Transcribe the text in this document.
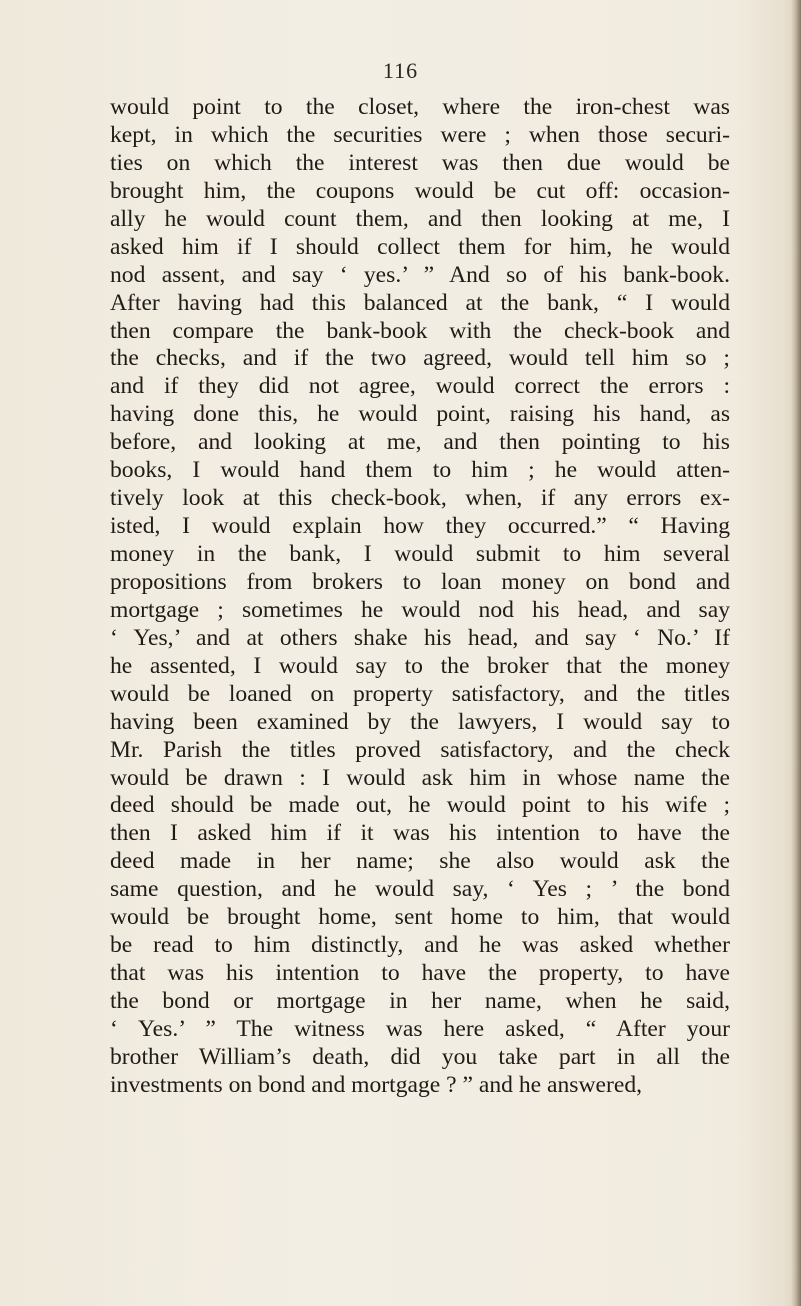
116
would point to the closet, where the iron-chest was
kept, in which the securities were ; when those securi-
ties on which the interest was then due would be
brought him, the coupons would be cut off: occasion-
ally he would count them, and then looking at me, I
asked him if I should collect them for him, he would
nod assent, and say ‘ yes.’ ” And so of his bank-book.
After having had this balanced at the bank, “ I would
then compare the bank-book with the check-book and
the checks, and if the two agreed, would tell him so ;
and if they did not agree, would correct the errors :
having done this, he would point, raising his hand, as
before, and looking at me, and then pointing to his
books, I would hand them to him ; he would atten-
tively look at this check-book, when, if any errors ex-
isted, I would explain how they occurred.” “ Having
money in the bank, I would submit to him several
propositions from brokers to loan money on bond and
mortgage ; sometimes he would nod his head, and say
‘ Yes,’ and at others shake his head, and say ‘ No.’ If
he assented, I would say to the broker that the money
would be loaned on property satisfactory, and the titles
having been examined by the lawyers, I would say to
Mr. Parish the titles proved satisfactory, and the check
would be drawn : I would ask him in whose name the
deed should be made out, he would point to his wife ;
then I asked him if it was his intention to have the
deed made in her name; she also would ask the
same question, and he would say, ‘ Yes ; ’ the bond
would be brought home, sent home to him, that would
be read to him distinctly, and he was asked whether
that was his intention to have the property, to have
the bond or mortgage in her name, when he said,
‘ Yes.’ ” The witness was here asked, “ After your
brother William’s death, did you take part in all the
investments on bond and mortgage ? ” and he answered,
